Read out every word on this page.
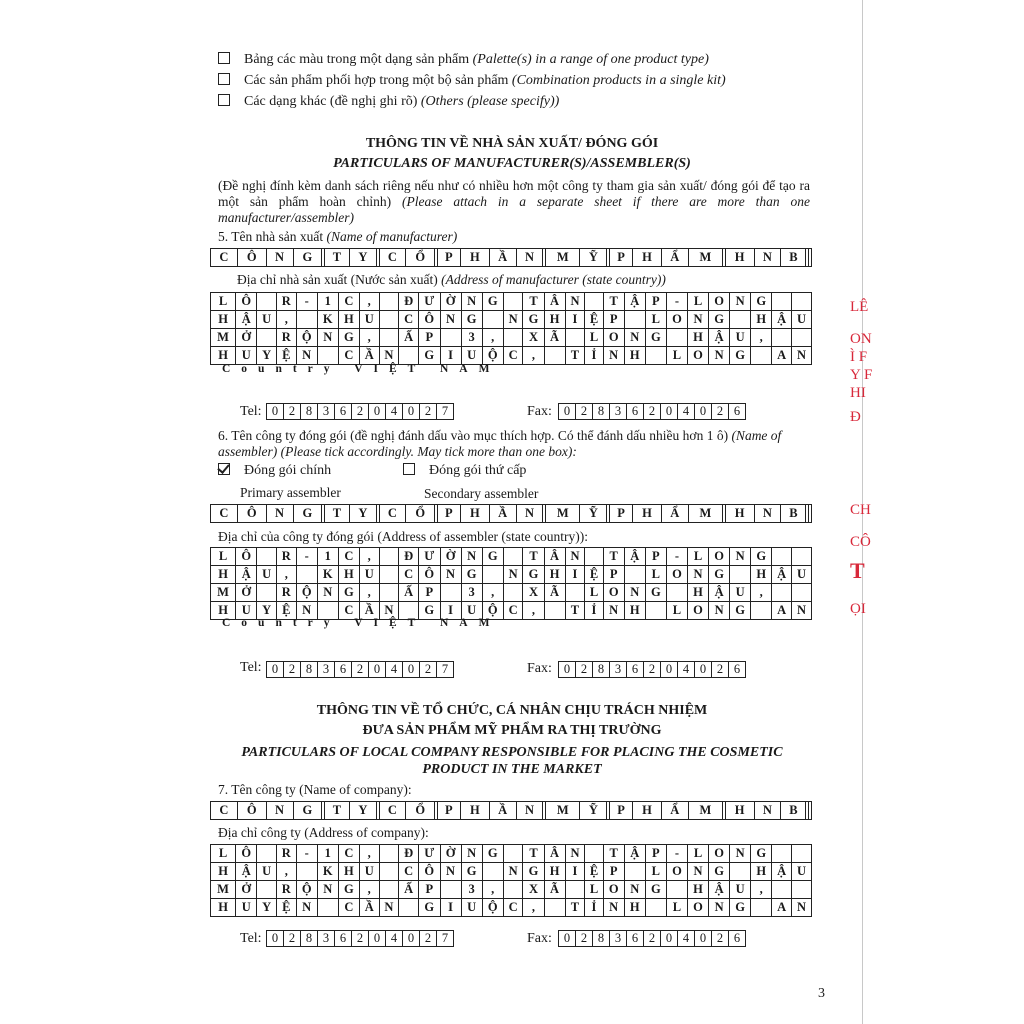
Bảng các màu trong một dạng sản phẩm (Palette(s) in a range of one product type)
Các sản phẩm phối hợp trong một bộ sản phẩm (Combination products in a single kit)
Các dạng khác (đề nghị ghi rõ) (Others (please specify))
THÔNG TIN VỀ NHÀ SẢN XUẤT/ ĐÓNG GÓI
PARTICULARS OF MANUFACTURER(S)/ASSEMBLER(S)
(Đề nghị đính kèm danh sách riêng nếu như có nhiều hơn một công ty tham gia sản xuất/ đóng gói để tạo ra một sản phẩm hoàn chỉnh) (Please attach in a separate sheet if there are more than one manufacturer/assembler)
5. Tên nhà sản xuất (Name of manufacturer)
C	Ô	N	G		T	Y		C	Ổ		P	H	Ầ	N		M	Ỹ		P	H	Ẩ	M		H	N	B		
Địa chỉ nhà sản xuất (Nước sản xuất) (Address of manufacturer (state country))
L	Ô		R	-	1	C	,		Đ	Ư	Ờ	N	G		T	Â	N		T	Ậ	P	-	L	O	N	G		
H	Ậ	U	,		K	H	U		C	Ô	N	G		N	G	H	I	Ệ	P		L	O	N	G		H	Ậ	U
M	Ở		R	Ộ	N	G	,		Ấ	P		3	,		X	Ã		L	O	N	G		H	Ậ	U	,		
H	U	Y	Ệ	N		C	Ầ	N		G	I	U	Ộ	C	,		T	Ỉ	N	H		L	O	N	G		A	N
Country VIỆT NAM
Tel: 0	2	8	3	6	2	0	4	0	2	7	Fax: 0	2	8	3	6	2	0	4	0	2	6
6. Tên công ty đóng gói (đề nghị đánh dấu vào mục thích hợp. Có thể đánh dấu nhiều hơn 1 ô) (Name of assembler) (Please tick accordingly. May tick more than one box):
Đóng gói chính
Primary assembler
Đóng gói thứ cấp
Secondary assembler
C	Ô	N	G		T	Y		C	Ổ		P	H	Ầ	N		M	Ỹ		P	H	Ẩ	M		H	N	B		
Địa chỉ của công ty đóng gói (Address of assembler (state country)):
L	Ô		R	-	1	C	,		Đ	Ư	Ờ	N	G		T	Â	N		T	Ậ	P	-	L	O	N	G		
H	Ậ	U	,		K	H	U		C	Ô	N	G		N	G	H	I	Ệ	P		L	O	N	G		H	Ậ	U
M	Ở		R	Ộ	N	G	,		Ấ	P		3	,		X	Ã		L	O	N	G		H	Ậ	U	,		
H	U	Y	Ệ	N		C	Ầ	N		G	I	U	Ộ	C	,		T	Ỉ	N	H		L	O	N	G		A	N
Country VIỆT NAM
Tel: 0	2	8	3	6	2	0	4	0	2	7	Fax: 0	2	8	3	6	2	0	4	0	2	6
THÔNG TIN VỀ TỔ CHỨC, CÁ NHÂN CHỊU TRÁCH NHIỆM
ĐƯA SẢN PHẨM MỸ PHẨM RA THỊ TRƯỜNG
PARTICULARS OF LOCAL COMPANY RESPONSIBLE FOR PLACING THE COSMETIC
PRODUCT IN THE MARKET
7. Tên công ty (Name of company):
C	Ô	N	G		T	Y		C	Ổ		P	H	Ầ	N		M	Ỹ		P	H	Ẩ	M		H	N	B		
Địa chỉ công ty (Address of company):
L	Ô		R	-	1	C	,		Đ	Ư	Ờ	N	G		T	Â	N		T	Ậ	P	-	L	O	N	G		
H	Ậ	U	,		K	H	U		C	Ô	N	G		N	G	H	I	Ệ	P		L	O	N	G		H	Ậ	U
M	Ở		R	Ộ	N	G	,		Ấ	P		3	,		X	Ã		L	O	N	G		H	Ậ	U	,		
H	U	Y	Ệ	N		C	Ầ	N		G	I	U	Ộ	C	,		T	Ỉ	N	H		L	O	N	G		A	N
Tel: 0	2	8	3	6	2	0	4	0	2	7	Fax: 0	2	8	3	6	2	0	4	0	2	6
3
LÊ
ON
Ì F
Y F
HI
Đ
CH
CÔ
T
ỌI
